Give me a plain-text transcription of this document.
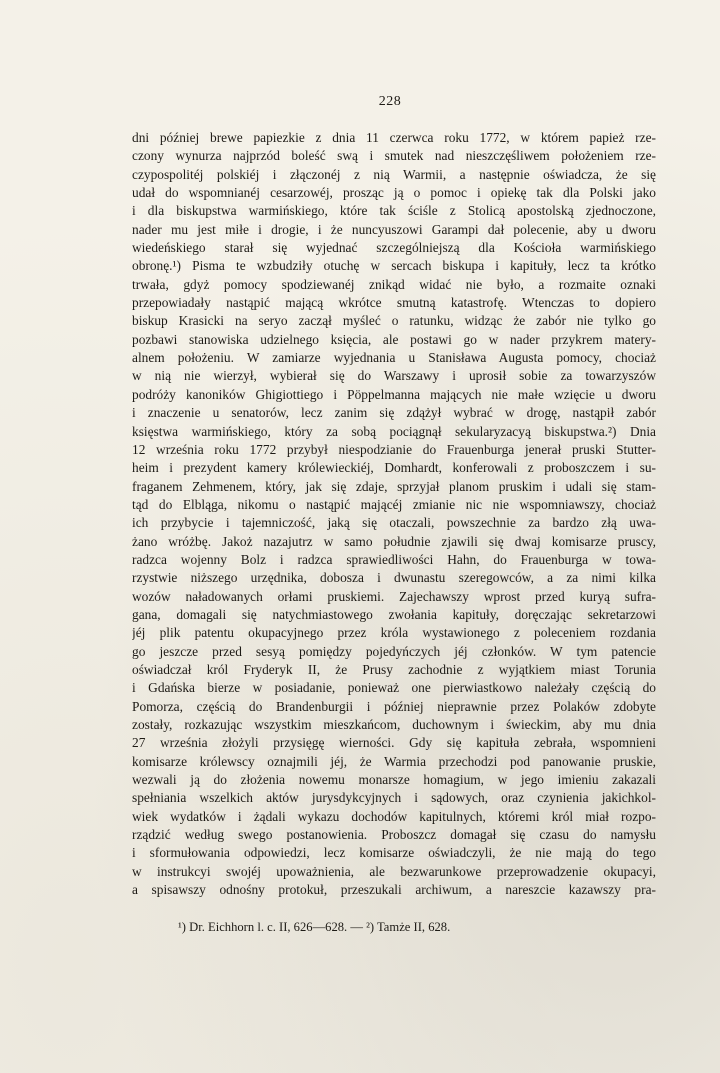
228
dni później brewe papiezkie z dnia 11 czerwca roku 1772, w którem papież rze-
czony wynurza najprzód boleść swą i smutek nad nieszczęśliwem położeniem rze-
czypospolitéj polskiéj i złączonéj z nią Warmii, a następnie oświadcza, że się
udał do wspomnianéj cesarzowéj, prosząc ją o pomoc i opiekę tak dla Polski jako
i dla biskupstwa warmińskiego, które tak ściśle z Stolicą apostolską zjednoczone,
nader mu jest miłe i drogie, i że nuncyuszowi Garampi dał polecenie, aby u dworu
wiedeńskiego starał się wyjednać szczególniejszą dla Kościoła warmińskiego
obronę.¹) Pisma te wzbudziły otuchę w sercach biskupa i kapituły, lecz ta krótko
trwała, gdyż pomocy spodziewanéj znikąd widać nie było, a rozmaite oznaki
przepowiadały nastąpić mającą wkrótce smutną katastrofę. Wtenczas to dopiero
biskup Krasicki na seryo zaczął myśleć o ratunku, widząc że zabór nie tylko go
pozbawi stanowiska udzielnego księcia, ale postawi go w nader przykrem matery-
alnem położeniu. W zamiarze wyjednania u Stanisława Augusta pomocy, chociaż
w nią nie wierzył, wybierał się do Warszawy i uprosił sobie za towarzyszów
podróży kanoników Ghigiottiego i Pöppelmanna mających nie małe wzięcie u dworu
i znaczenie u senatorów, lecz zanim się zdążył wybrać w drogę, nastąpił zabór
księstwa warmińskiego, który za sobą pociągnął sekularyzacyą biskupstwa.²) Dnia
12 września roku 1772 przybył niespodzianie do Frauenburga jenerał pruski Stutter-
heim i prezydent kamery królewieckiéj, Domhardt, konferowali z proboszczem i su-
fraganem Zehmenem, który, jak się zdaje, sprzyjał planom pruskim i udali się stam-
tąd do Elbląga, nikomu o nastąpić mającéj zmianie nic nie wspomniawszy, chociaż
ich przybycie i tajemniczość, jaką się otaczali, powszechnie za bardzo złą uwa-
żano wróżbę. Jakoż nazajutrz w samo południe zjawili się dwaj komisarze pruscy,
radzca wojenny Bolz i radzca sprawiedliwości Hahn, do Frauenburga w towa-
rzystwie niższego urzędnika, dobosza i dwunastu szeregowców, a za nimi kilka
wozów naładowanych orłami pruskiemi. Zajechawszy wprost przed kuryą sufra-
gana, domagali się natychmiastowego zwołania kapituły, doręczając sekretarzowi
jéj plik patentu okupacyjnego przez króla wystawionego z poleceniem rozdania
go jeszcze przed sesyą pomiędzy pojedyńczych jéj członków. W tym patencie
oświadczał król Fryderyk II, że Prusy zachodnie z wyjątkiem miast Torunia
i Gdańska bierze w posiadanie, ponieważ one pierwiastkowo należały częścią do
Pomorza, częścią do Brandenburgii i później nieprawnie przez Polaków zdobyte
zostały, rozkazując wszystkim mieszkańcom, duchownym i świeckim, aby mu dnia
27 września złożyli przysięgę wierności. Gdy się kapituła zebrała, wspomnieni
komisarze królewscy oznajmili jéj, że Warmia przechodzi pod panowanie pruskie,
wezwali ją do złożenia nowemu monarsze homagium, w jego imieniu zakazali
spełniania wszelkich aktów jurysdykcyjnych i sądowych, oraz czynienia jakichkol-
wiek wydatków i żądali wykazu dochodów kapitulnych, któremi król miał rozpo-
rządzić według swego postanowienia. Proboszcz domagał się czasu do namysłu
i sformułowania odpowiedzi, lecz komisarze oświadczyli, że nie mają do tego
w instrukcyi swojéj upoważnienia, ale bezwarunkowe przeprowadzenie okupacyi,
a spisawszy odnośny protokuł, przeszukali archiwum, a nareszcie kazawszy pra-
¹) Dr. Eichhorn l. c. II, 626—628. — ²) Tamże II, 628.
